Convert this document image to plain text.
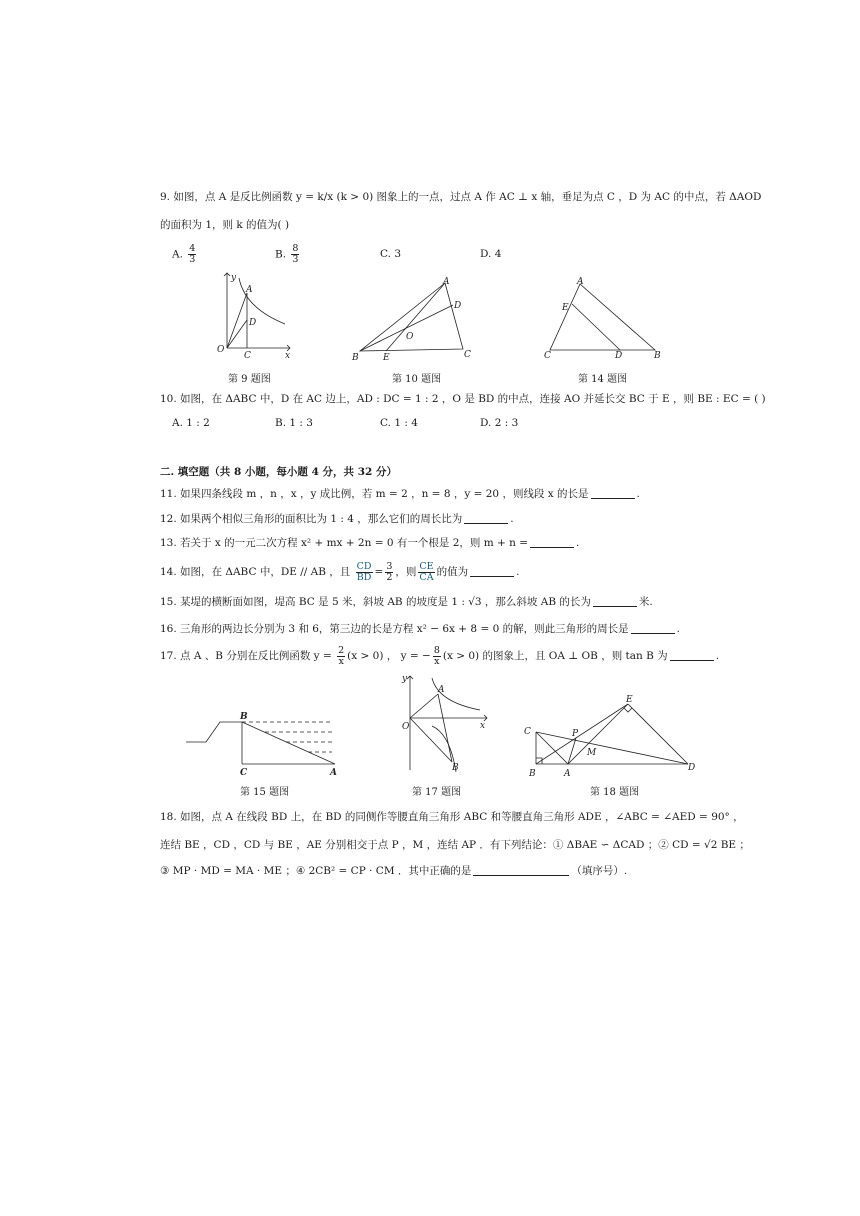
9. 如图，点 A 是反比例函数 y = k/x (k > 0) 图象上的一点，过点 A 作 AC ⊥ x 轴，垂足为点 C ，D 为 AC 的中点，若 ΔAOD
的面积为 1，则 k 的值为( )
A. $\frac{4}{3}$	B. $\frac{8}{3}$	C. 3	D. 4
y
A
D
O
C	x
第 9 题图
A
D
O
B	E	C
第 10 题图
A
E
C	D	B
第 14 题图
10. 如图，在 ΔABC 中，D 在 AC 边上，AD : DC = 1 : 2 ，O 是 BD 的中点，连接 AO 并延长交 BC 于 E ，则 BE : EC = ( )
A. 1 : 2	B. 1 : 3	C. 1 : 4	D. 2 : 3
二. 填空题（共 8 小题，每小题 4 分，共 32 分）
11. 如果四条线段 m ，n ，x ，y 成比例，若 m = 2 ，n = 8 ，y = 20 ，则线段 x 的长是	.
12. 如果两个相似三角形的面积比为 1 : 4 ，那么它们的周长比为	.
13. 若关于 x 的一元二次方程 x² + mx + 2n = 0 有一个根是 2，则 m + n =	.
14. 如图，在 ΔABC 中，DE // AB ，且 $\frac{CD}{BD} = \frac{3}{2}$ ，则 $\frac{CE}{CA}$ 的值为	.
15. 某堤的横断面如图，堤高 BC 是 5 米，斜坡 AB 的坡度是 1 : √3 ，那么斜坡 AB 的长为	米.
16. 三角形的两边长分别为 3 和 6，第三边的长是方程 x² − 6x + 8 = 0 的解，则此三角形的周长是	.
17. 点 A 、B 分别在反比例函数 $y = \frac{2}{x} (x > 0)$ ， y = − $\frac{8}{x} (x > 0)$ 的图象上，且 OA ⊥ OB ，则 tan B 为	.
B
C	A
第 15 题图
y
A
O	x
B
第 17 题图
E
C	P
M
B	A
D
第 18 题图
18. 如图，点 A 在线段 BD 上，在 BD 的同侧作等腰直角三角形 ABC 和等腰直角三角形 ADE ，∠ABC = ∠AED = 90° ，
连结 BE ，CD ，CD 与 BE ，AE 分别相交于点 P ，M ，连结 AP ．有下列结论：① ΔBAE ∽ ΔCAD ；② CD = √2 BE ；
③ MP · MD = MA · ME ；④ 2CB² = CP · CM ．其中正确的是	（填序号）.
